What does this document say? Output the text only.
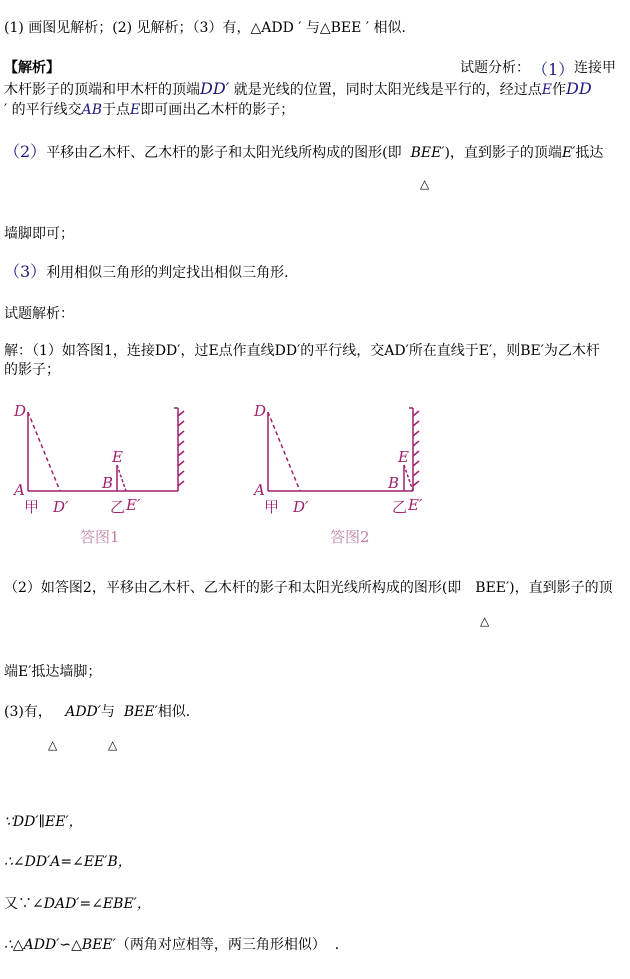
(1) 画图见解析；(2) 见解析；（3）有，△ADD ′ 与△BEE ′ 相似．
【解析】	试题分析： （1） 连接甲
木杆影子的顶端和甲木杆的顶端DD′ 就是光线的位置，同时太阳光线是平行的，经过点E作DD
′ 的平行线交AB于点E即可画出乙木杆的影子；
（2）平移由乙木杆、乙木杆的影子和太阳光线所构成的图形(即 BEE′)，直到影子的顶端E′抵达
△
墙脚即可；
（3）利用相似三角形的判定找出相似三角形．
试题解析：
解：（1）如答图1，连接DD′，过E点作直线DD′的平行线，交AD′所在直线于E′，则BE′为乙木杆
的影子；
D
A
D′
E
B
E′
甲	乙
答图1
D
A
D′
E
B
E′
甲	乙
答图2
（2）如答图2，平移由乙木杆、乙木杆的影子和太阳光线所构成的图形(即　BEE′)，直到影子的顶
△
端E′抵达墙脚；
(3)有， ADD′与 BEE′相似．
△	△
∵DD′∥EE′，
∴∠DD′A=∠EE′B，
又∵∠DAD′=∠EBE′，
∴△ADD′∽△BEE′（两角对应相等，两三角形相似） ．
